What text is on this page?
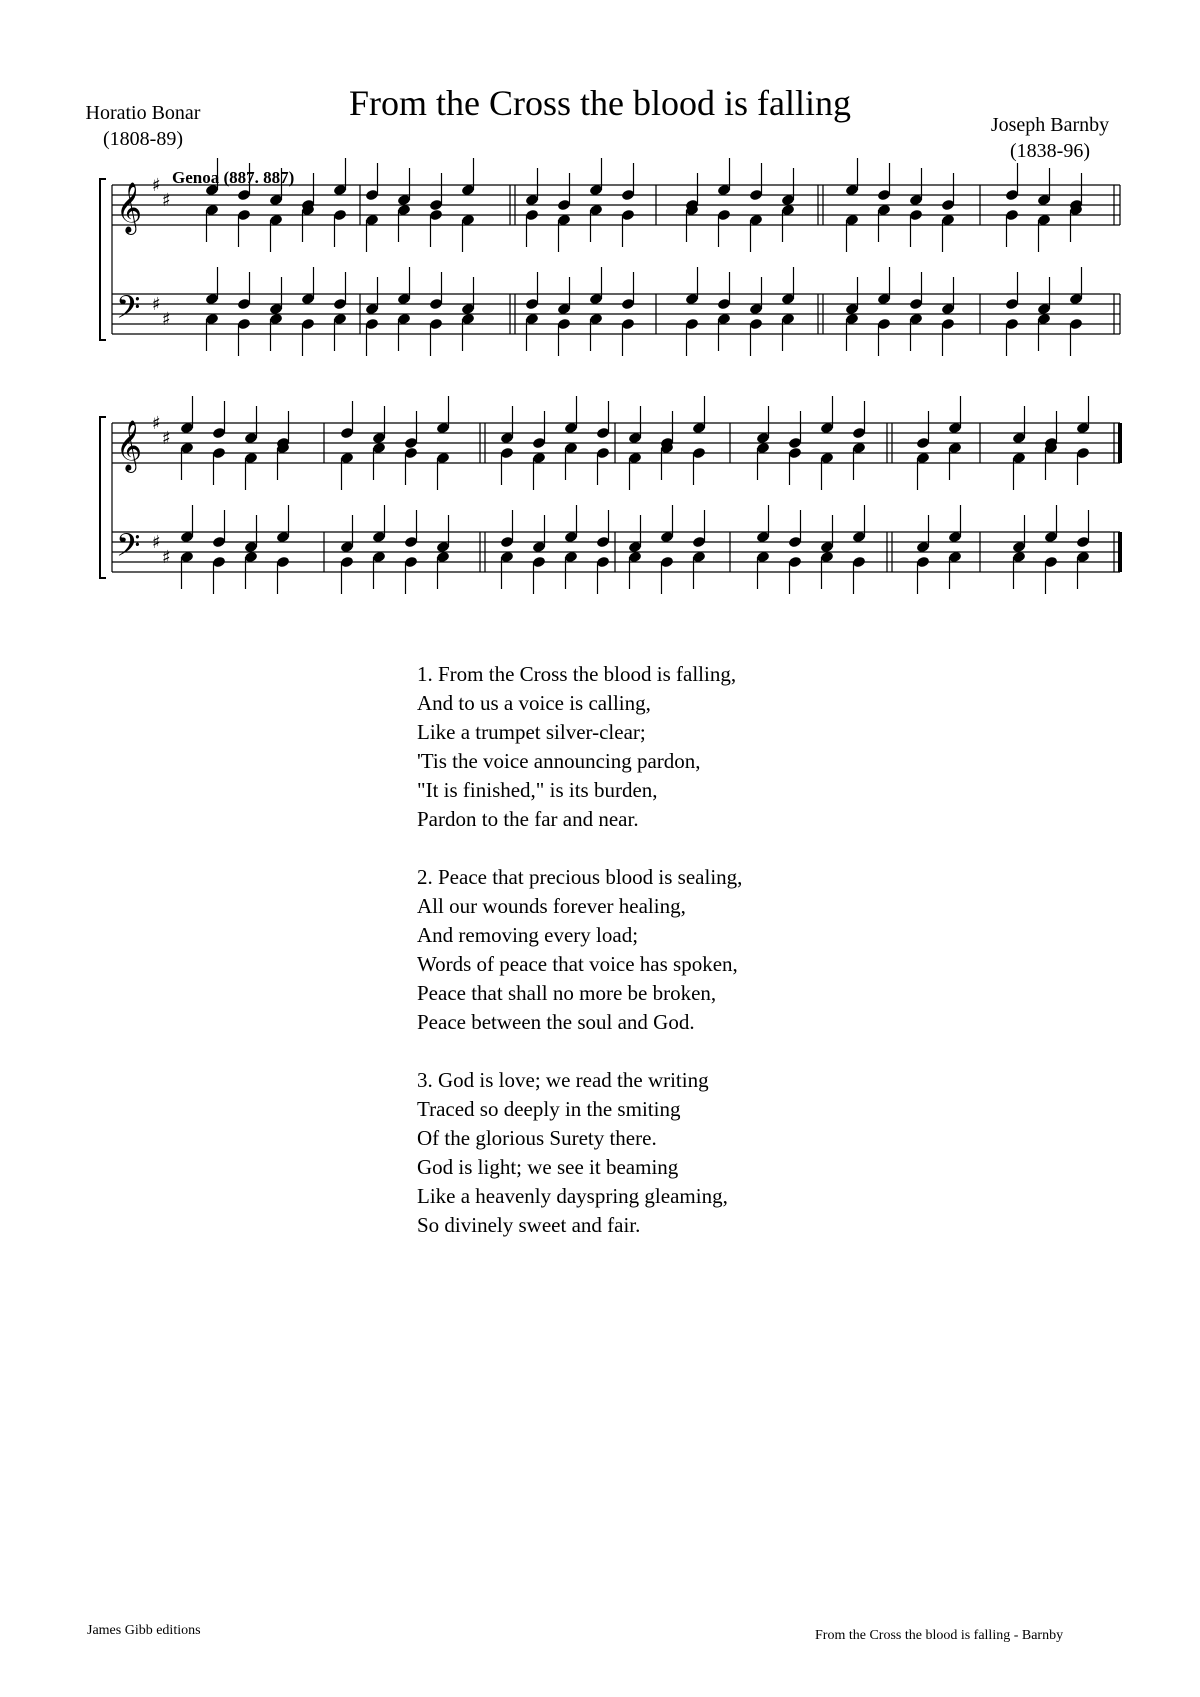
From the Cross the blood is falling
Horatio Bonar
(1808-89)
Joseph Barnby
(1838-96)
Genoa (887. 887)
𝄞
𝄢
♯
♯
♯
♯
𝄞
𝄢
♯
♯
♯
♯
1. From the Cross the blood is falling,
And to us a voice is calling,
Like a trumpet silver-clear;
'Tis the voice announcing pardon,
"It is finished," is its burden,
Pardon to the far and near.
2. Peace that precious blood is sealing,
All our wounds forever healing,
And removing every load;
Words of peace that voice has spoken,
Peace that shall no more be broken,
Peace between the soul and God.
3. God is love; we read the writing
Traced so deeply in the smiting
Of the glorious Surety there.
God is light; we see it beaming
Like a heavenly dayspring gleaming,
So divinely sweet and fair.
James Gibb editions	From the Cross the blood is falling - Barnby
